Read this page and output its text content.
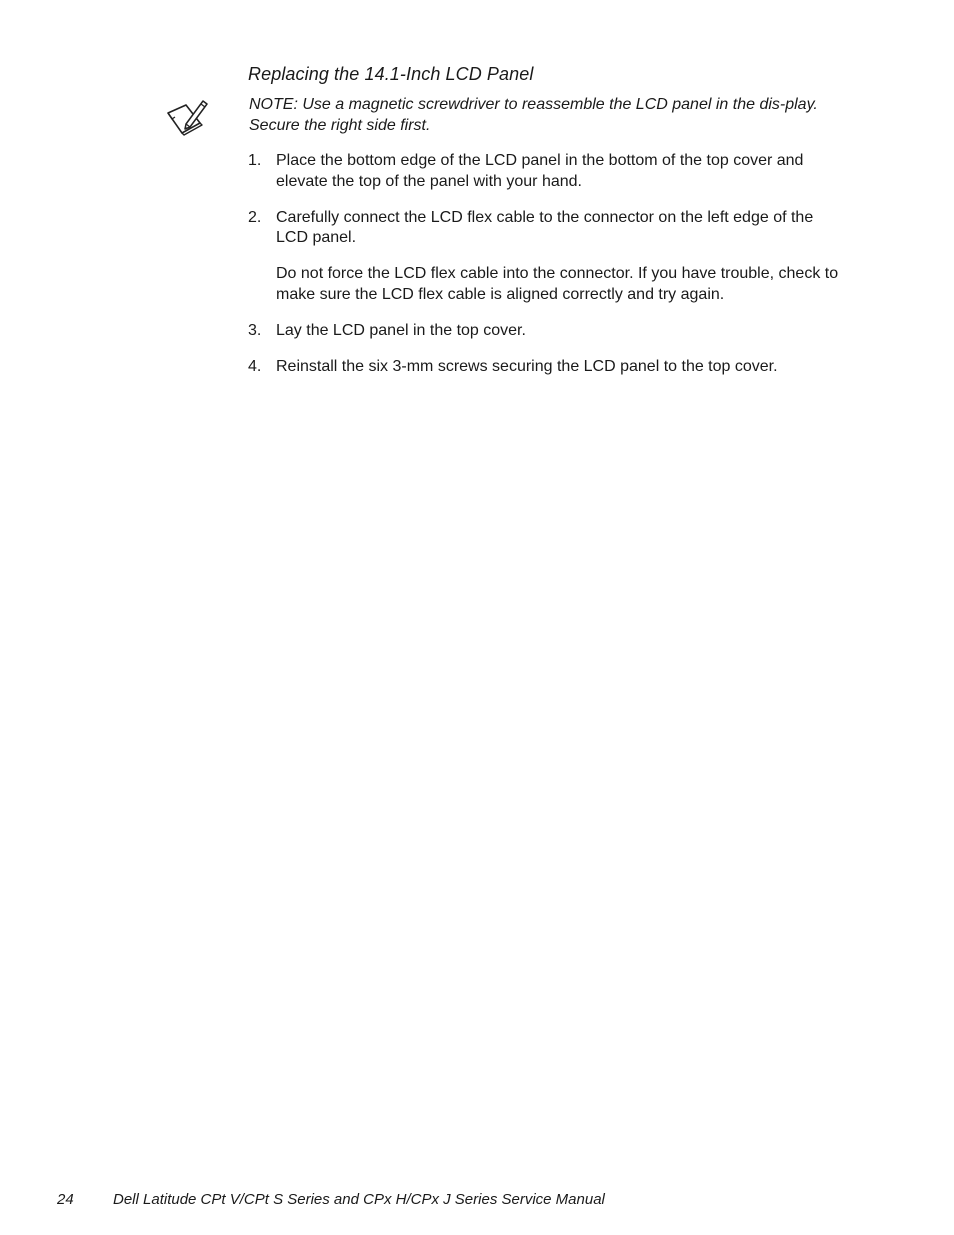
Replacing the 14.1-Inch LCD Panel

NOTE: Use a magnetic screwdriver to reassemble the LCD panel in the dis-play. Secure the right side first.

1. Place the bottom edge of the LCD panel in the bottom of the top cover and elevate the top of the panel with your hand.

2. Carefully connect the LCD flex cable to the connector on the left edge of the LCD panel.

Do not force the LCD flex cable into the connector. If you have trouble, check to make sure the LCD flex cable is aligned correctly and try again.

3. Lay the LCD panel in the top cover.

4. Reinstall the six 3-mm screws securing the LCD panel to the top cover.

24	Dell Latitude CPt V/CPt S Series and CPx H/CPx J Series Service Manual
